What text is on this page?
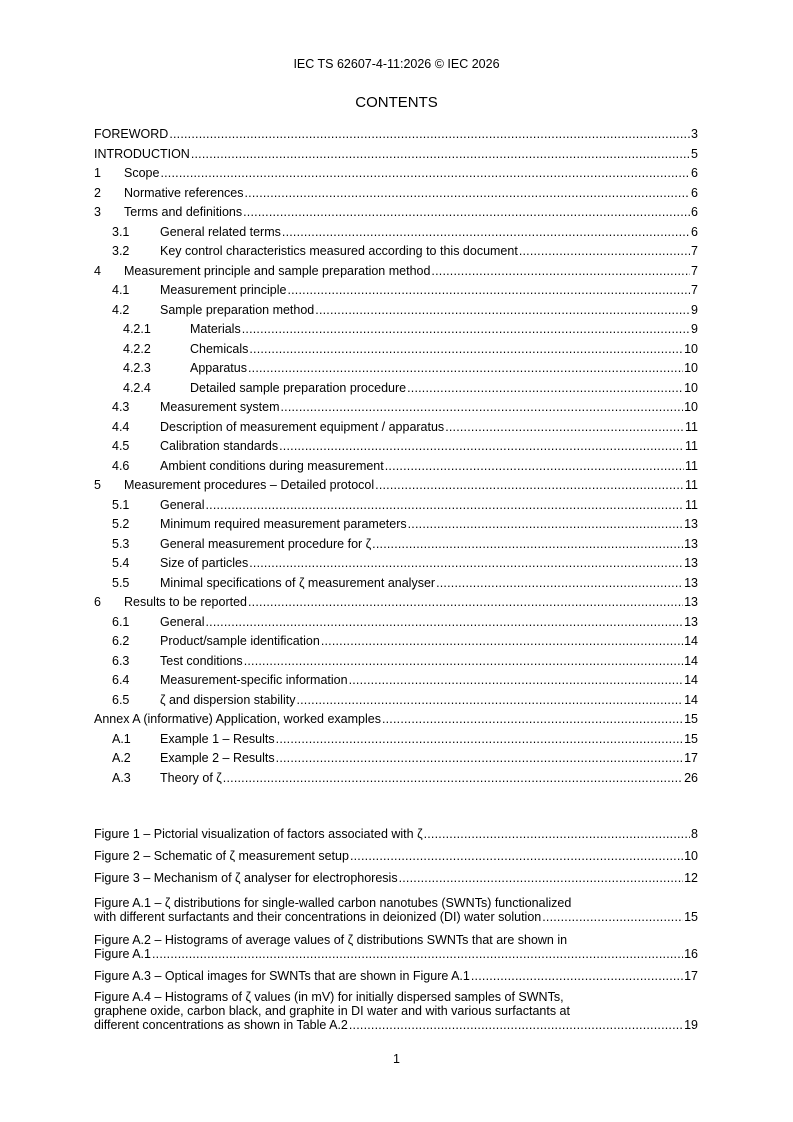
IEC TS 62607-4-11:2026 © IEC 2026
CONTENTS
FOREWORD .....	3
INTRODUCTION .....	5
1	Scope .....	6
2	Normative references .....	6
3	Terms and definitions .....	6
3.1	General related terms .....	6
3.2	Key control characteristics measured according to this document .....	7
4	Measurement principle and sample preparation method .....	7
4.1	Measurement principle .....	7
4.2	Sample preparation method .....	9
4.2.1	Materials .....	9
4.2.2	Chemicals .....	10
4.2.3	Apparatus .....	10
4.2.4	Detailed sample preparation procedure .....	10
4.3	Measurement system .....	10
4.4	Description of measurement equipment / apparatus .....	11
4.5	Calibration standards .....	11
4.6	Ambient conditions during measurement .....	11
5	Measurement procedures – Detailed protocol .....	11
5.1	General .....	11
5.2	Minimum required measurement parameters .....	13
5.3	General measurement procedure for ζ .....	13
5.4	Size of particles .....	13
5.5	Minimal specifications of ζ measurement analyser .....	13
6	Results to be reported .....	13
6.1	General .....	13
6.2	Product/sample identification .....	14
6.3	Test conditions .....	14
6.4	Measurement-specific information .....	14
6.5	ζ and dispersion stability .....	14
Annex A (informative) Application, worked examples .....	15
A.1	Example 1 – Results .....	15
A.2	Example 2 – Results .....	17
A.3	Theory of ζ .....	26
Figure 1 – Pictorial visualization of factors associated with ζ .....	8
Figure 2 – Schematic of ζ measurement setup .....	10
Figure 3 – Mechanism of ζ analyser for electrophoresis .....	12
Figure A.1 – ζ distributions for single-walled carbon nanotubes (SWNTs) functionalized
with different surfactants and their concentrations in deionized (DI) water solution .....	15
Figure A.2 – Histograms of average values of ζ distributions SWNTs that are shown in
Figure A.1 .....	16
Figure A.3 – Optical images for SWNTs that are shown in Figure A.1 .....	17
Figure A.4 – Histograms of ζ values (in mV) for initially dispersed samples of SWNTs,
graphene oxide, carbon black, and graphite in DI water and with various surfactants at
different concentrations as shown in Table A.2 .....	19
1
